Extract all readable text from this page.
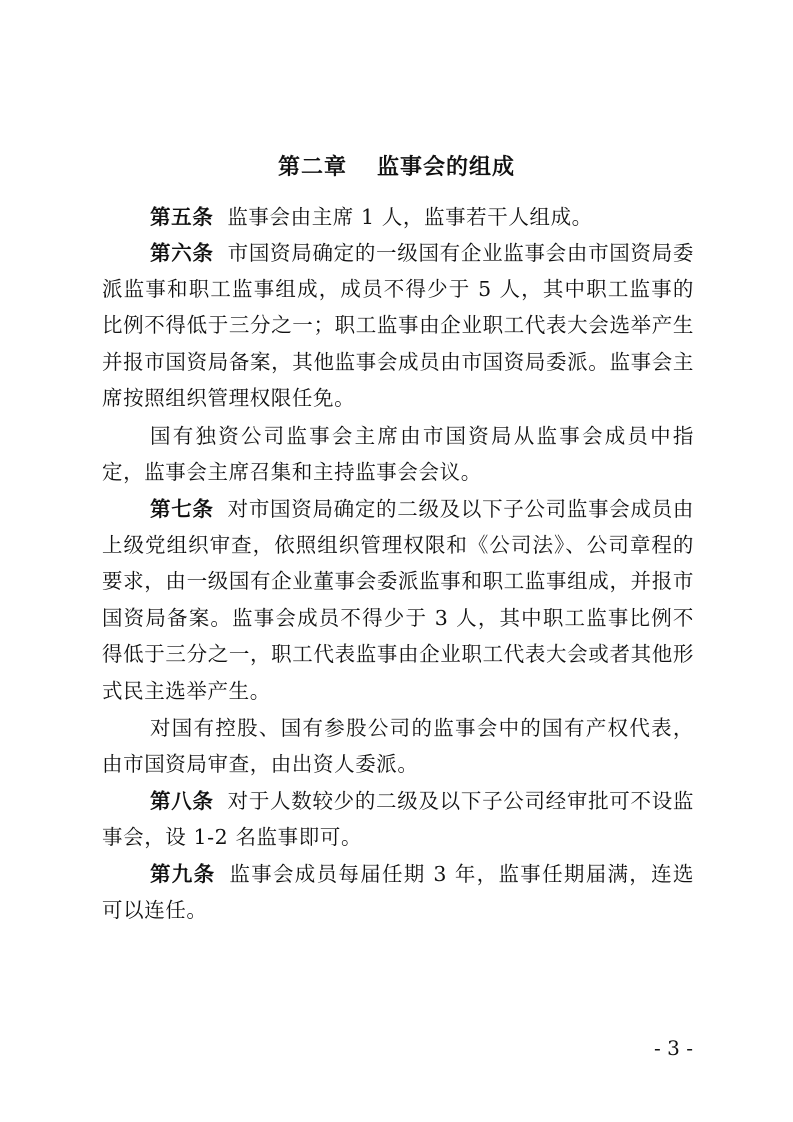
第二章 监事会的组成

第五条 监事会由主席 1 人，监事若干人组成。

第六条 市国资局确定的一级国有企业监事会由市国资局委派监事和职工监事组成，成员不得少于 5 人，其中职工监事的比例不得低于三分之一；职工监事由企业职工代表大会选举产生并报市国资局备案，其他监事会成员由市国资局委派。监事会主席按照组织管理权限任免。

国有独资公司监事会主席由市国资局从监事会成员中指定，监事会主席召集和主持监事会会议。

第七条 对市国资局确定的二级及以下子公司监事会成员由上级党组织审查，依照组织管理权限和《公司法》、公司章程的要求，由一级国有企业董事会委派监事和职工监事组成，并报市国资局备案。监事会成员不得少于 3 人，其中职工监事比例不得低于三分之一，职工代表监事由企业职工代表大会或者其他形式民主选举产生。

对国有控股、国有参股公司的监事会中的国有产权代表，由市国资局审查，由出资人委派。

第八条 对于人数较少的二级及以下子公司经审批可不设监事会，设 1-2 名监事即可。

第九条 监事会成员每届任期 3 年，监事任期届满，连选可以连任。

- 3 -
